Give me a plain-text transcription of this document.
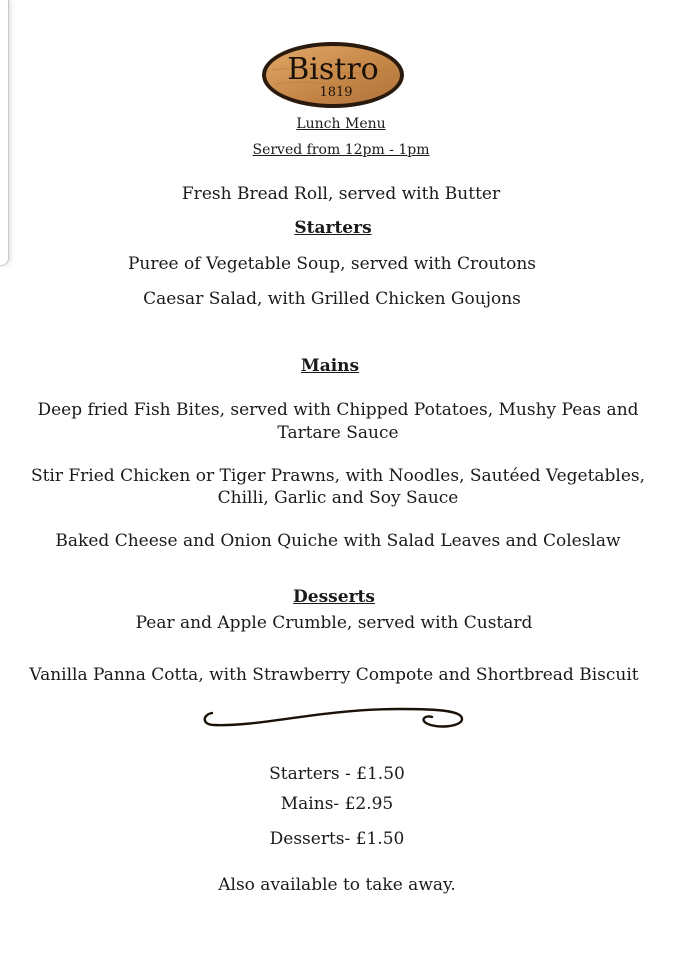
Bistro
1819
Lunch Menu
Served from 12pm - 1pm
Fresh Bread Roll, served with Butter
Starters
Puree of Vegetable Soup, served with Croutons
Caesar Salad, with Grilled Chicken Goujons
Mains
Deep fried Fish Bites, served with Chipped Potatoes, Mushy Peas and
Tartare Sauce
Stir Fried Chicken or Tiger Prawns, with Noodles, Sautéed Vegetables,
Chilli, Garlic and Soy Sauce
Baked Cheese and Onion Quiche with Salad Leaves and Coleslaw
Desserts
Pear and Apple Crumble, served with Custard
Vanilla Panna Cotta, with Strawberry Compote and Shortbread Biscuit
Starters - £1.50
Mains- £2.95
Desserts- £1.50
Also available to take away.
